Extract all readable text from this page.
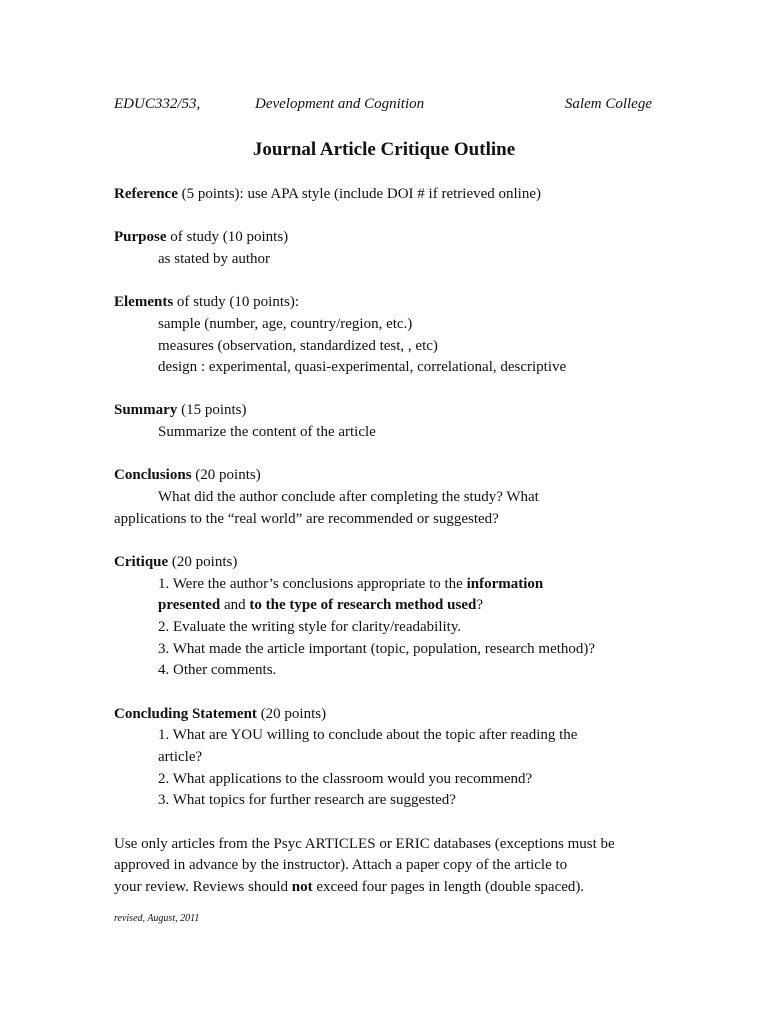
EDUC332/53,	Development and Cognition	Salem College
Journal Article Critique Outline
Reference (5 points): use APA style (include DOI # if retrieved online)
Purpose of study (10 points)
as stated by author
Elements of study (10 points):
sample (number, age, country/region, etc.)
measures (observation, standardized test, , etc)
design : experimental, quasi-experimental, correlational, descriptive
Summary (15 points)
Summarize the content of the article
Conclusions (20 points)
What did the author conclude after completing the study? What
applications to the “real world” are recommended or suggested?
Critique (20 points)
1. Were the author’s conclusions appropriate to the information
presented and to the type of research method used?
2. Evaluate the writing style for clarity/readability.
3. What made the article important (topic, population, research method)?
4. Other comments.
Concluding Statement (20 points)
1. What are YOU willing to conclude about the topic after reading the
article?
2. What applications to the classroom would you recommend?
3. What topics for further research are suggested?
Use only articles from the Psyc ARTICLES or ERIC databases (exceptions must be
approved in advance by the instructor). Attach a paper copy of the article to
your review. Reviews should not exceed four pages in length (double spaced).
revised, August, 2011
